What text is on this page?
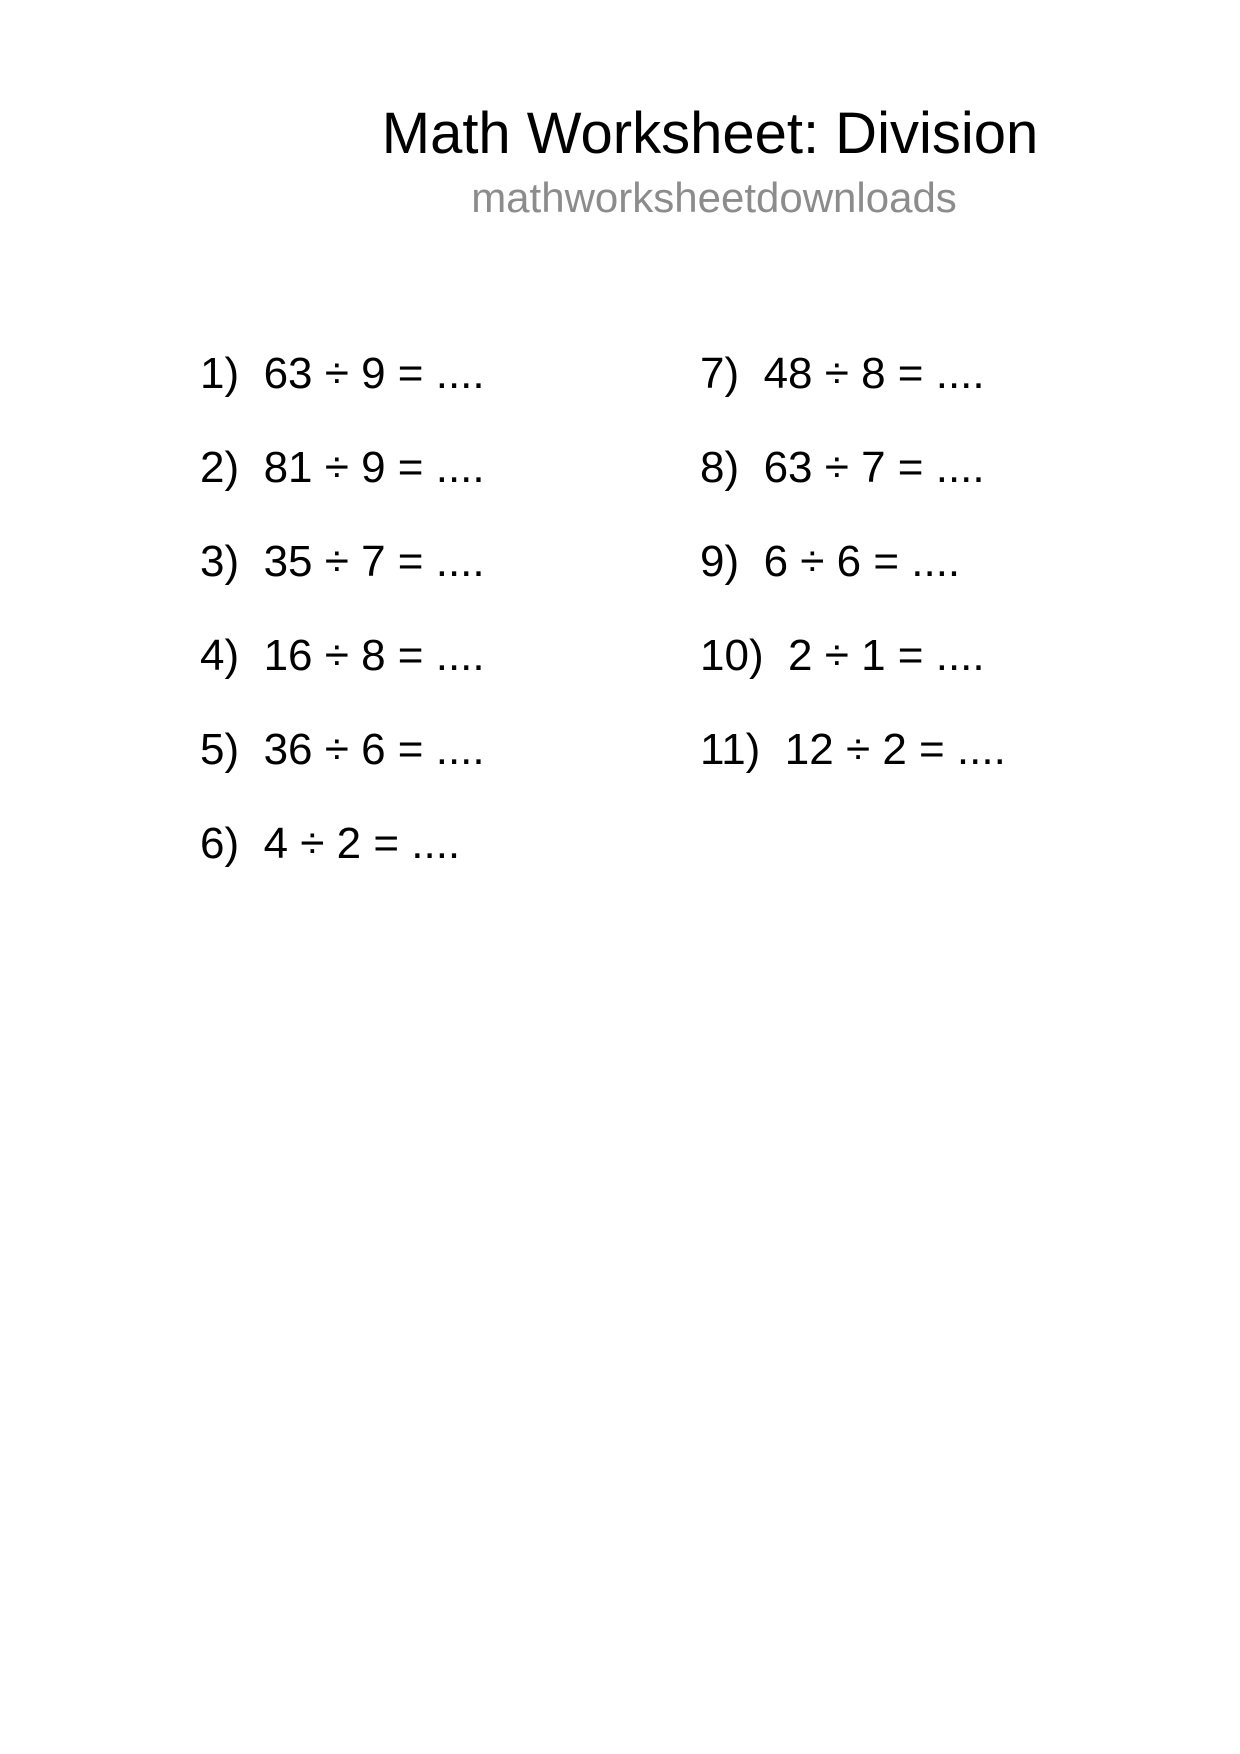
Math Worksheet: Division
mathworksheetdownloads
1)  63 ÷ 9 = ....
2)  81 ÷ 9 = ....
3)  35 ÷ 7 = ....
4)  16 ÷ 8 = ....
5)  36 ÷ 6 = ....
6)  4 ÷ 2 = ....
7)  48 ÷ 8 = ....
8)  63 ÷ 7 = ....
9)  6 ÷ 6 = ....
10)  2 ÷ 1 = ....
11)  12 ÷ 2 = ....
